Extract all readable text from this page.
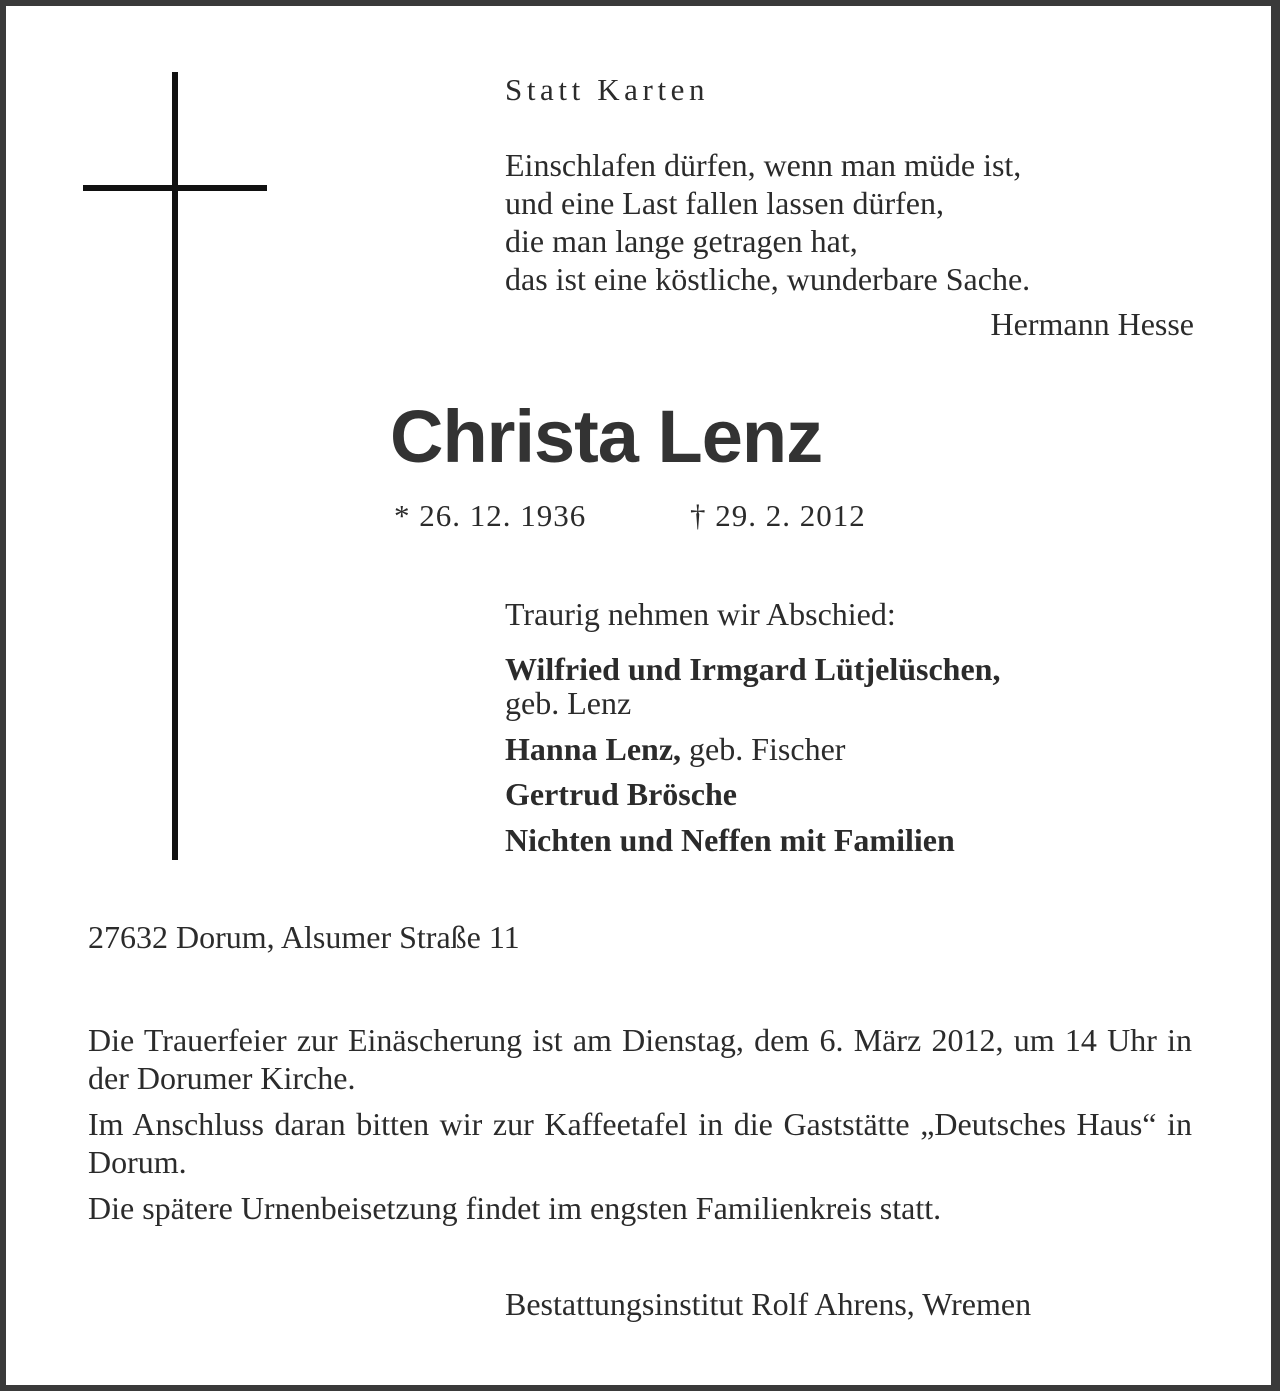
Statt Karten
Einschlafen dürfen, wenn man müde ist,
und eine Last fallen lassen dürfen,
die man lange getragen hat,
das ist eine köstliche, wunderbare Sache.
Hermann Hesse
Christa Lenz
* 26. 12. 1936	† 29. 2. 2012
Traurig nehmen wir Abschied:
Wilfried und Irmgard Lütjelüschen,
geb. Lenz
Hanna Lenz, geb. Fischer
Gertrud Brösche
Nichten und Neffen mit Familien
27632 Dorum, Alsumer Straße 11

Die Trauerfeier zur Einäscherung ist am Dienstag, dem 6. März 2012, um 14 Uhr in der Dorumer Kirche.

Im Anschluss daran bitten wir zur Kaffeetafel in die Gaststätte „Deutsches Haus“ in Dorum.

Die spätere Urnenbeisetzung findet im engsten Familienkreis statt.

Bestattungsinstitut Rolf Ahrens, Wremen
